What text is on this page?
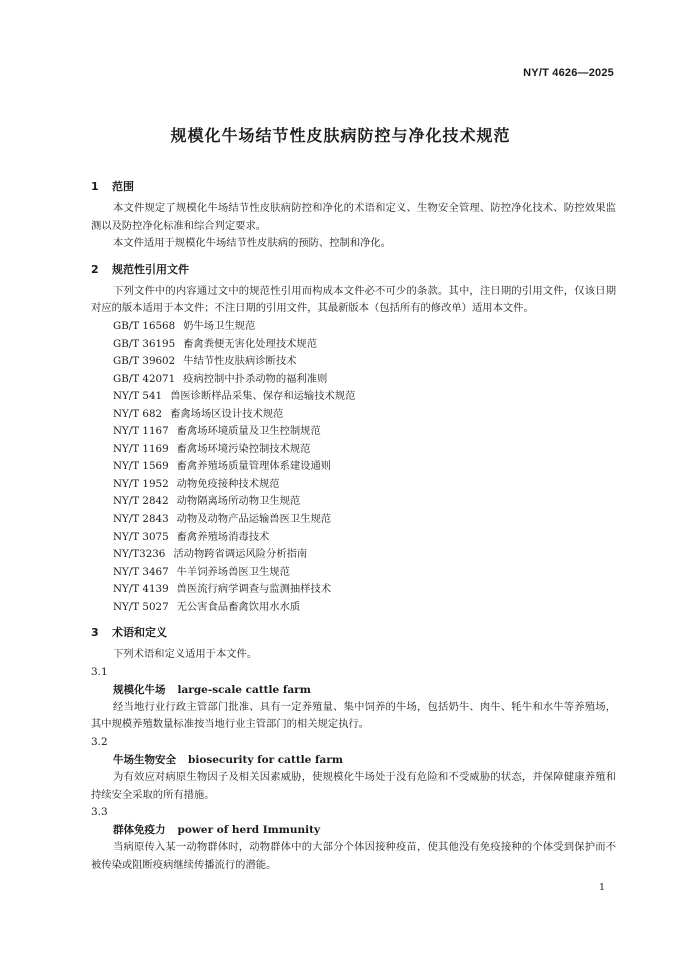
NY/T 4626—2025

规模化牛场结节性皮肤病防控与净化技术规范
1 范围

本文件规定了规模化牛场结节性皮肤病防控和净化的术语和定义、生物安全管理、防控净化技术、防控效果监测以及防控净化标准和综合判定要求。

本文件适用于规模化牛场结节性皮肤病的预防、控制和净化。

2 规范性引用文件

下列文件中的内容通过文中的规范性引用而构成本文件必不可少的条款。其中，注日期的引用文件，仅该日期对应的版本适用于本文件；不注日期的引用文件，其最新版本（包括所有的修改单）适用本文件。

GB/T 16568 奶牛场卫生规范

GB/T 36195 畜禽粪便无害化处理技术规范

GB/T 39602 牛结节性皮肤病诊断技术

GB/T 42071 疫病控制中扑杀动物的福利准则

NY/T 541 兽医诊断样品采集、保存和运输技术规范

NY/T 682 畜禽场场区设计技术规范

NY/T 1167 畜禽场环境质量及卫生控制规范

NY/T 1169 畜禽场环境污染控制技术规范

NY/T 1569 畜禽养殖场质量管理体系建设通则

NY/T 1952 动物免疫接种技术规范

NY/T 2842 动物隔离场所动物卫生规范

NY/T 2843 动物及动物产品运输兽医卫生规范

NY/T 3075 畜禽养殖场消毒技术

NY/T3236 活动物跨省调运风险分析指南

NY/T 3467 牛羊饲养场兽医卫生规范

NY/T 4139 兽医流行病学调查与监测抽样技术

NY/T 5027 无公害食品畜禽饮用水水质

3 术语和定义

下列术语和定义适用于本文件。

3.1

规模化牛场 large-scale cattle farm

经当地行业行政主管部门批准、具有一定养殖量、集中饲养的牛场，包括奶牛、肉牛、牦牛和水牛等养殖场，其中规模养殖数量标准按当地行业主管部门的相关规定执行。

3.2

牛场生物安全 biosecurity for cattle farm

为有效应对病原生物因子及相关因素威胁，使规模化牛场处于没有危险和不受威胁的状态，并保障健康养殖和持续安全采取的所有措施。

3.3

群体免疫力 power of herd Immunity

当病原传入某一动物群体时，动物群体中的大部分个体因接种疫苗，使其他没有免疫接种的个体受到保护而不被传染或阻断疫病继续传播流行的潜能。

1
